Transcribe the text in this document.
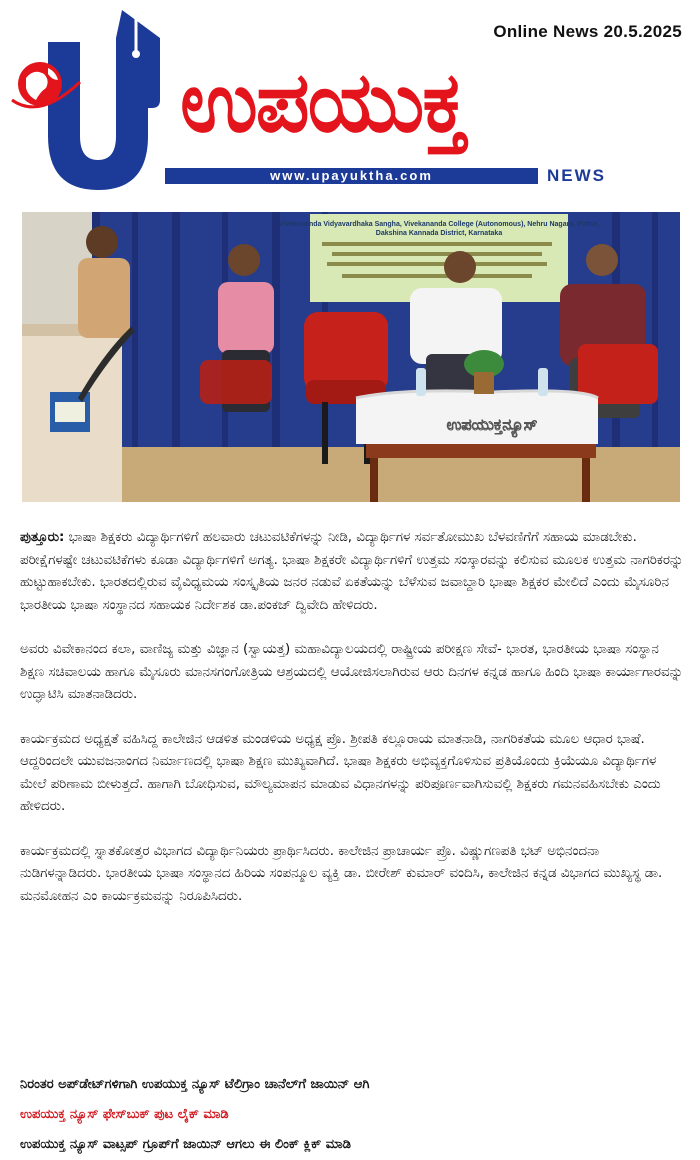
Online News 20.5.2025
ಉಪಯುಕ್ತ
www.upayuktha.com	NEWS
Vivekananda Vidyavardhaka Sangha, Vivekananda College (Autonomous), Nehru Nagara, Puttur,
Dakshina Kannada District, Karnataka
ಉಪಯುಕ್ತನ್ಯೂಸ್

ಪುತ್ತೂರು: ಭಾಷಾ ಶಿಕ್ಷಕರು ವಿದ್ಯಾರ್ಥಿಗಳಿಗೆ ಹಲವಾರು ಚಟುವಟಿಕೆಗಳನ್ನು ನೀಡಿ, ವಿದ್ಯಾರ್ಥಿಗಳ ಸರ್ವತೋಮುಖ ಬೆಳವಣಿಗೆಗೆ ಸಹಾಯ ಮಾಡಬೇಕು. ಪರೀಕ್ಷೆಗಳಷ್ಟೇ ಚಟುವಟಿಕೆಗಳು ಕೂಡಾ ವಿದ್ಯಾರ್ಥಿಗಳಿಗೆ ಅಗತ್ಯ. ಭಾಷಾ ಶಿಕ್ಷಕರೇ ವಿದ್ಯಾರ್ಥಿಗಳಿಗೆ ಉತ್ತಮ ಸಂಸ್ಕಾರವನ್ನು ಕಲಿಸುವ ಮೂಲಕ ಉತ್ತಮ ನಾಗರಿಕರನ್ನು ಹುಟ್ಟುಹಾಕಬೇಕು. ಭಾರತದಲ್ಲಿರುವ ವೈವಿಧ್ಯಮಯ ಸಂಸ್ಕೃತಿಯ ಜನರ ನಡುವೆ ಏಕತೆಯನ್ನು ಬೆಳೆಸುವ ಜವಾಬ್ದಾರಿ ಭಾಷಾ ಶಿಕ್ಷಕರ ಮೇಲಿದೆ ಎಂದು ಮೈಸೂರಿನ ಭಾರತೀಯ ಭಾಷಾ ಸಂಸ್ಥಾನದ ಸಹಾಯಕ ನಿರ್ದೇಶಕ ಡಾ.ಪಂಕಜ್ ದ್ವಿವೇದಿ ಹೇಳಿದರು.

ಅವರು ವಿವೇಕಾನಂದ ಕಲಾ, ವಾಣಿಜ್ಯ ಮತ್ತು ವಿಜ್ಞಾನ (ಸ್ವಾಯತ್ತ) ಮಹಾವಿದ್ಯಾಲಯದಲ್ಲಿ ರಾಷ್ಟ್ರೀಯ ಪರೀಕ್ಷಣ ಸೇವೆ- ಭಾರತ, ಭಾರತೀಯ ಭಾಷಾ ಸಂಸ್ಥಾನ ಶಿಕ್ಷಣ ಸಚಿವಾಲಯ ಹಾಗೂ ಮೈಸೂರು ಮಾನಸಗಂಗೋತ್ರಿಯ ಆಶ್ರಯದಲ್ಲಿ ಆಯೋಜಿಸಲಾಗಿರುವ ಆರು ದಿನಗಳ ಕನ್ನಡ ಹಾಗೂ ಹಿಂದಿ ಭಾಷಾ ಕಾರ್ಯಾಗಾರವನ್ನು ಉದ್ಘಾಟಿಸಿ ಮಾತನಾಡಿದರು.

ಕಾರ್ಯಕ್ರಮದ ಅಧ್ಯಕ್ಷತೆ ವಹಿಸಿದ್ದ ಕಾಲೇಜಿನ ಆಡಳಿತ ಮಂಡಳಿಯ ಅಧ್ಯಕ್ಷ ಪ್ರೊ. ಶ್ರೀಪತಿ ಕಲ್ಲೂರಾಯ ಮಾತನಾಡಿ, ನಾಗರಿಕತೆಯ ಮೂಲ ಆಧಾರ ಭಾಷೆ. ಆದ್ದರಿಂದಲೇ ಯುವಜನಾಂಗದ ನಿರ್ಮಾಣದಲ್ಲಿ ಭಾಷಾ ಶಿಕ್ಷಣ ಮುಖ್ಯವಾಗಿದೆ. ಭಾಷಾ ಶಿಕ್ಷಕರು ಅಭಿವ್ಯಕ್ತಗೊಳಿಸುವ ಪ್ರತಿಯೊಂದು ಕ್ರಿಯೆಯೂ ವಿದ್ಯಾರ್ಥಿಗಳ ಮೇಲೆ ಪರಿಣಾಮ ಬೀಳುತ್ತದೆ. ಹಾಗಾಗಿ ಬೋಧಿಸುವ, ಮೌಲ್ಯಮಾಪನ ಮಾಡುವ ವಿಧಾನಗಳನ್ನು ಪರಿಪೂರ್ಣವಾಗಿಸುವಲ್ಲಿ ಶಿಕ್ಷಕರು ಗಮನವಹಿಸಬೇಕು ಎಂದು ಹೇಳಿದರು.

ಕಾರ್ಯಕ್ರಮದಲ್ಲಿ ಸ್ನಾತಕೋತ್ತರ ವಿಭಾಗದ ವಿದ್ಯಾರ್ಥಿನಿಯರು ಪ್ರಾರ್ಥಿಸಿದರು. ಕಾಲೇಜಿನ ಪ್ರಾಚಾರ್ಯ ಪ್ರೊ. ವಿಷ್ಣುಗಣಪತಿ ಭಟ್ ಅಭಿನಂದನಾ ನುಡಿಗಳನ್ನಾಡಿದರು. ಭಾರತೀಯ ಭಾಷಾ ಸಂಸ್ಥಾನದ ಹಿರಿಯ ಸಂಪನ್ಮೂಲ ವ್ಯಕ್ತಿ ಡಾ. ಬೀರೇಶ್ ಕುಮಾರ್ ವಂದಿಸಿ, ಕಾಲೇಜಿನ ಕನ್ನಡ ವಿಭಾಗದ ಮುಖ್ಯಸ್ಥ ಡಾ. ಮನಮೋಹನ ಎಂ ಕಾರ್ಯಕ್ರಮವನ್ನು ನಿರೂಪಿಸಿದರು.

ನಿರಂತರ ಅಪ್‌ಡೇಟ್‌ಗಳಿಗಾಗಿ ಉಪಯುಕ್ತ ನ್ಯೂಸ್ ಟೆಲಿಗ್ರಾಂ ಚಾನೆಲ್‌ಗೆ ಜಾಯಿನ್ ಆಗಿ
ಉಪಯುಕ್ತ ನ್ಯೂಸ್ ಫೇಸ್‌ಬುಕ್ ಪುಟ ಲೈಕ್ ಮಾಡಿ
ಉಪಯುಕ್ತ ನ್ಯೂಸ್ ವಾಟ್ಸಪ್ ಗ್ರೂಪ್‌ಗೆ ಜಾಯಿನ್ ಆಗಲು ಈ ಲಿಂಕ್ ಕ್ಲಿಕ್ ಮಾಡಿ
